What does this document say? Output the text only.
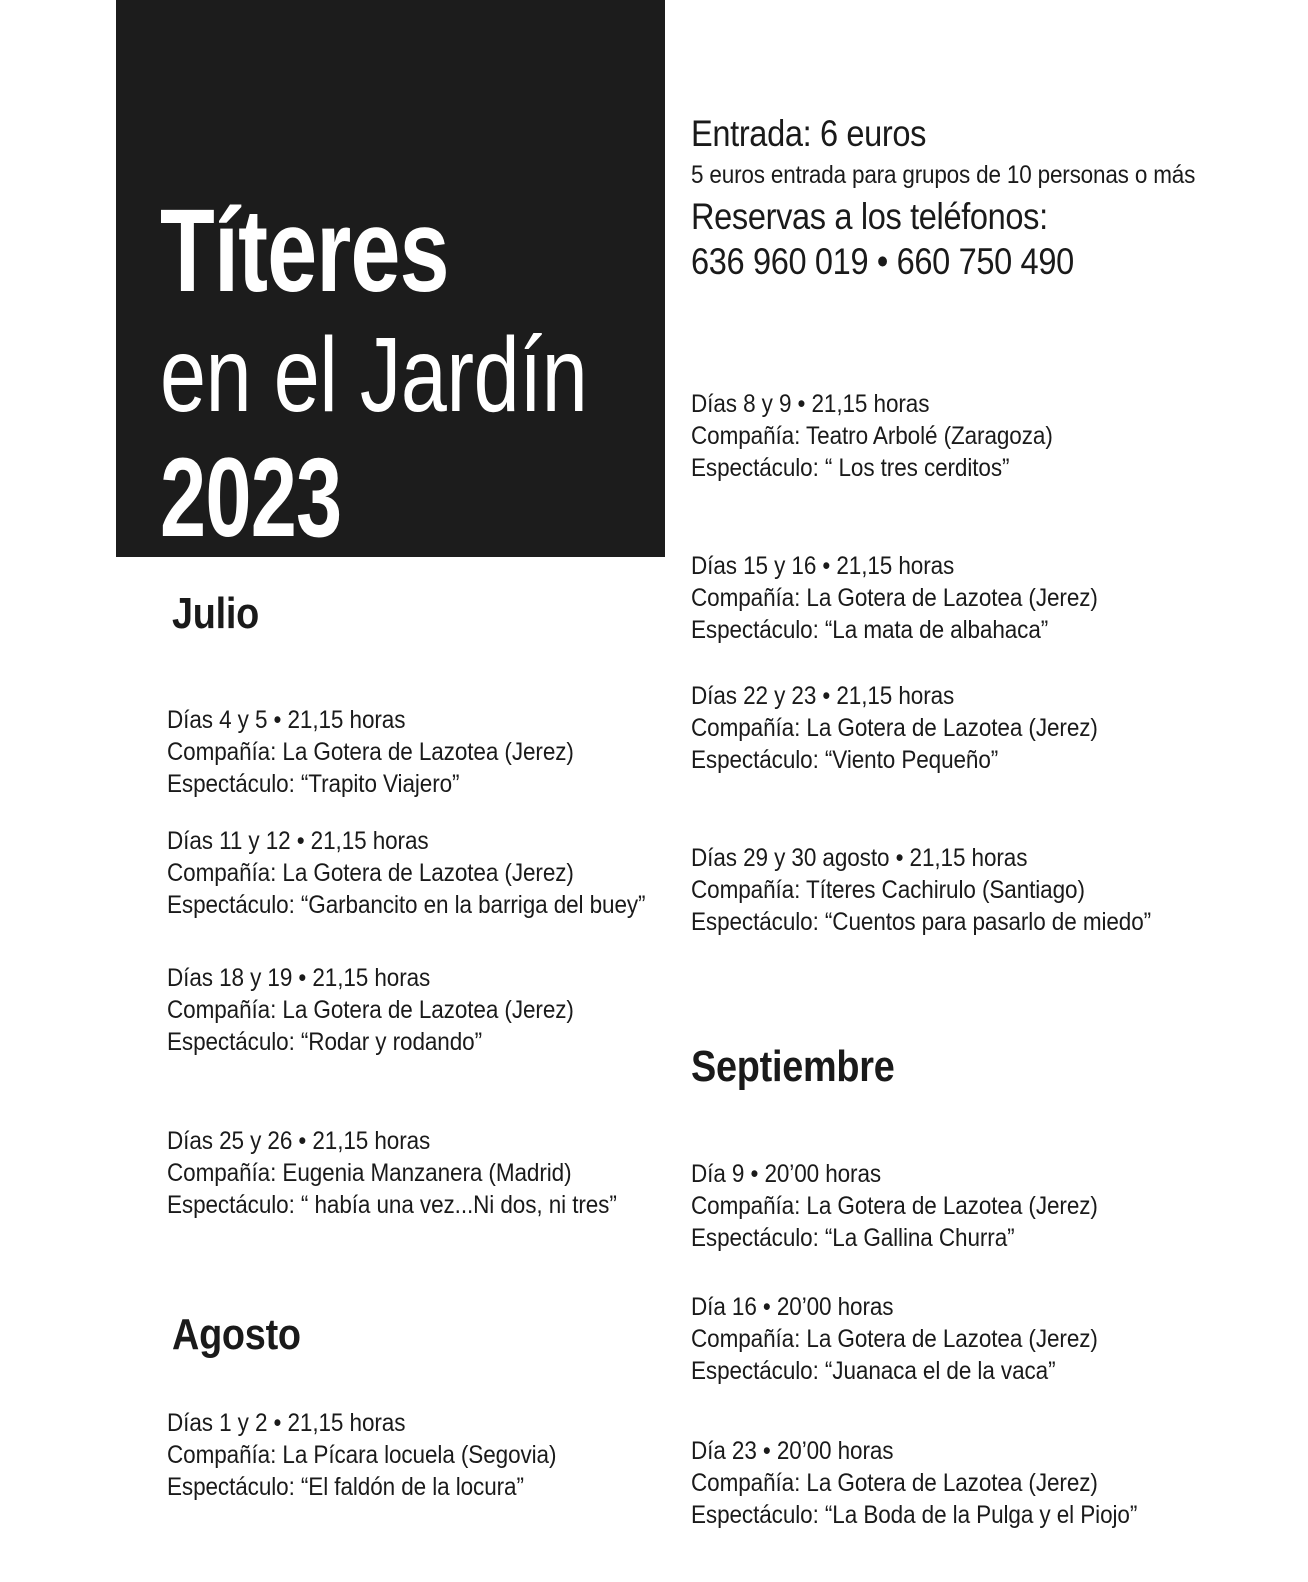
Títeres
en el Jardín
2023
Entrada: 6 euros
5 euros entrada para grupos de 10 personas o más
Reservas a los teléfonos:
636 960 019 • 660 750 490
Julio
Días 4 y 5 • 21,15 horas
Compañía: La Gotera de Lazotea (Jerez)
Espectáculo: “Trapito Viajero”
Días 11 y 12 • 21,15 horas
Compañía: La Gotera de Lazotea (Jerez)
Espectáculo: “Garbancito en la barriga del buey”
Días 18 y 19 • 21,15 horas
Compañía: La Gotera de Lazotea (Jerez)
Espectáculo: “Rodar y rodando”
Días 25 y 26 • 21,15 horas
Compañía: Eugenia Manzanera (Madrid)
Espectáculo: “ había una vez...Ni dos, ni tres”
Agosto
Días 1 y 2 • 21,15 horas
Compañía: La Pícara locuela (Segovia)
Espectáculo: “El faldón de la locura”
Días 8 y 9 • 21,15 horas
Compañía: Teatro Arbolé (Zaragoza)
Espectáculo: “ Los tres cerditos”
Días 15 y 16 • 21,15 horas
Compañía: La Gotera de Lazotea (Jerez)
Espectáculo: “La mata de albahaca”
Días 22 y 23 • 21,15 horas
Compañía: La Gotera de Lazotea (Jerez)
Espectáculo: “Viento Pequeño”
Días 29 y 30 agosto • 21,15 horas
Compañía: Títeres Cachirulo (Santiago)
Espectáculo: “Cuentos para pasarlo de miedo”
Septiembre
Día 9 • 20’00 horas
Compañía: La Gotera de Lazotea (Jerez)
Espectáculo: “La Gallina Churra”
Día 16 • 20’00 horas
Compañía: La Gotera de Lazotea (Jerez)
Espectáculo: “Juanaca el de la vaca”
Día 23 • 20’00 horas
Compañía: La Gotera de Lazotea (Jerez)
Espectáculo: “La Boda de la Pulga y el Piojo”
